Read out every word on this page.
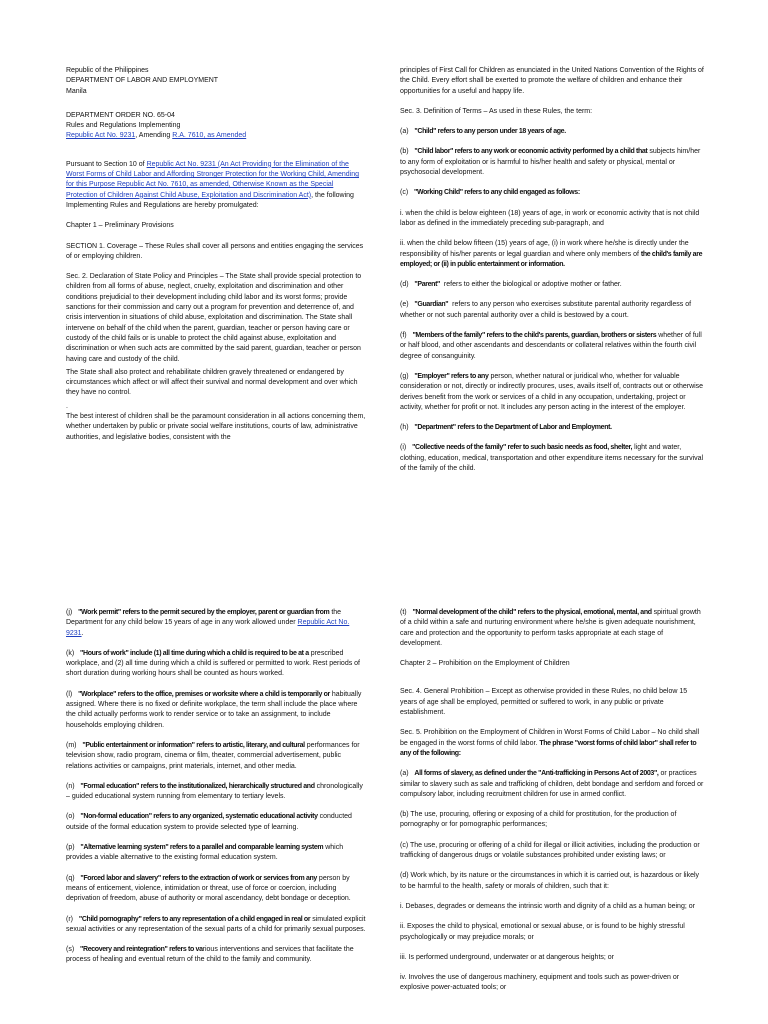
Republic of the Philippines
DEPARTMENT OF LABOR AND EMPLOYMENT
Manila

DEPARTMENT ORDER NO. 65-04
Rules and Regulations Implementing
Republic Act No. 9231, Amending R.A. 7610, as Amended

Pursuant to Section 10 of Republic Act No. 9231 (An Act Providing for the Elimination of the Worst Forms of Child Labor and Affording Stronger Protection for the Working Child, Amending for this Purpose Republic Act No. 7610, as amended, Otherwise Known as the Special Protection of Children Against Child Abuse, Exploitation and Discrimination Act), the following Implementing Rules and Regulations are hereby promulgated:

Chapter 1 – Preliminary Provisions

SECTION 1. Coverage – These Rules shall cover all persons and entities engaging the services of or employing children.

Sec. 2. Declaration of State Policy and Principles – The State shall provide special protection to children from all forms of abuse, neglect, cruelty, exploitation and discrimination and other conditions prejudicial to their development including child labor and its worst forms; provide sanctions for their commission and carry out a program for prevention and deterrence of, and crisis intervention in situations of child abuse, exploitation and discrimination. The State shall intervene on behalf of the child when the parent, guardian, teacher or person having care or custody of the child fails or is unable to protect the child against abuse, exploitation and discrimination or when such acts are committed by the said parent, guardian, teacher or person having care and custody of the child.

The State shall also protect and rehabilitate children gravely threatened or endangered by circumstances which affect or will affect their survival and normal development and over which they have no control.

.

The best interest of children shall be the paramount consideration in all actions concerning them, whether undertaken by public or private social welfare institutions, courts of law, administrative authorities, and legislative bodies, consistent with the

principles of First Call for Children as enunciated in the United Nations Convention of the Rights of the Child. Every effort shall be exerted to promote the welfare of children and enhance their opportunities for a useful and happy life.

Sec. 3. Definition of Terms – As used in these Rules, the term:

(a) "Child" refers to any person under 18 years of age.

(b) "Child labor" refers to any work or economic activity performed by a child that subjects him/her to any form of exploitation or is harmful to his/her health and safety or physical, mental or psychosocial development.

(c) "Working Child" refers to any child engaged as follows:

i. when the child is below eighteen (18) years of age, in work or economic activity that is not child labor as defined in the immediately preceding sub-paragraph, and

ii. when the child below fifteen (15) years of age, (i) in work where he/she is directly under the responsibility of his/her parents or legal guardian and where only members of the child's family are employed; or (ii) in public entertainment or information.

(d) "Parent" refers to either the biological or adoptive mother or father.

(e) "Guardian" refers to any person who exercises substitute parental authority regardless of whether or not such parental authority over a child is bestowed by a court.

(f) "Members of the family" refers to the child's parents, guardian, brothers or sisters whether of full or half blood, and other ascendants and descendants or collateral relatives within the fourth civil degree of consanguinity.

(g) "Employer" refers to any person, whether natural or juridical who, whether for valuable consideration or not, directly or indirectly procures, uses, avails itself of, contracts out or otherwise derives benefit from the work or services of a child in any occupation, undertaking, project or activity, whether for profit or not. It includes any person acting in the interest of the employer.

(h) "Department" refers to the Department of Labor and Employment.

(i) "Collective needs of the family" refer to such basic needs as food, shelter, light and water, clothing, education, medical, transportation and other expenditure items necessary for the survival of the family of the child.

(j) "Work permit" refers to the permit secured by the employer, parent or guardian from the Department for any child below 15 years of age in any work allowed under Republic Act No. 9231.

(k) "Hours of work" include (1) all time during which a child is required to be at a prescribed workplace, and (2) all time during which a child is suffered or permitted to work. Rest periods of short duration during working hours shall be counted as hours worked.

(l) "Workplace" refers to the office, premises or worksite where a child is temporarily or habitually assigned. Where there is no fixed or definite workplace, the term shall include the place where the child actually performs work to render service or to take an assignment, to include households employing children.

(m) "Public entertainment or information" refers to artistic, literary, and cultural performances for television show, radio program, cinema or film, theater, commercial advertisement, public relations activities or campaigns, print materials, internet, and other media.

(n) "Formal education" refers to the institutionalized, hierarchically structured and chronologically – guided educational system running from elementary to tertiary levels.

(o) "Non-formal education" refers to any organized, systematic educational activity conducted outside of the formal education system to provide selected type of learning.

(p) "Alternative learning system" refers to a parallel and comparable learning system which provides a viable alternative to the existing formal education system.

(q) "Forced labor and slavery" refers to the extraction of work or services from any person by means of enticement, violence, intimidation or threat, use of force or coercion, including deprivation of freedom, abuse of authority or moral ascendancy, debt bondage or deception.

(r) "Child pornography" refers to any representation of a child engaged in real or simulated explicit sexual activities or any representation of the sexual parts of a child for primarily sexual purposes.

(s) "Recovery and reintegration" refers to various interventions and services that facilitate the process of healing and eventual return of the child to the family and community.

(t) "Normal development of the child" refers to the physical, emotional, mental, and spiritual growth of a child within a safe and nurturing environment where he/she is given adequate nourishment, care and protection and the opportunity to perform tasks appropriate at each stage of development.

Chapter 2 – Prohibition on the Employment of Children

Sec. 4. General Prohibition – Except as otherwise provided in these Rules, no child below 15 years of age shall be employed, permitted or suffered to work, in any public or private establishment.

Sec. 5. Prohibition on the Employment of Children in Worst Forms of Child Labor – No child shall be engaged in the worst forms of child labor. The phrase "worst forms of child labor" shall refer to any of the following:

(a) All forms of slavery, as defined under the "Anti-trafficking in Persons Act of 2003", or practices similar to slavery such as sale and trafficking of children, debt bondage and serfdom and forced or compulsory labor, including recruitment children for use in armed conflict.

(b) The use, procuring, offering or exposing of a child for prostitution, for the production of pornography or for pornographic performances;

(c) The use, procuring or offering of a child for illegal or illicit activities, including the production or trafficking of dangerous drugs or volatile substances prohibited under existing laws; or

(d) Work which, by its nature or the circumstances in which it is carried out, is hazardous or likely to be harmful to the health, safety or morals of children, such that it:

i. Debases, degrades or demeans the intrinsic worth and dignity of a child as a human being; or

ii. Exposes the child to physical, emotional or sexual abuse, or is found to be highly stressful psychologically or may prejudice morals; or

iii. Is performed underground, underwater or at dangerous heights; or

iv. Involves the use of dangerous machinery, equipment and tools such as power-driven or explosive power-actuated tools; or
